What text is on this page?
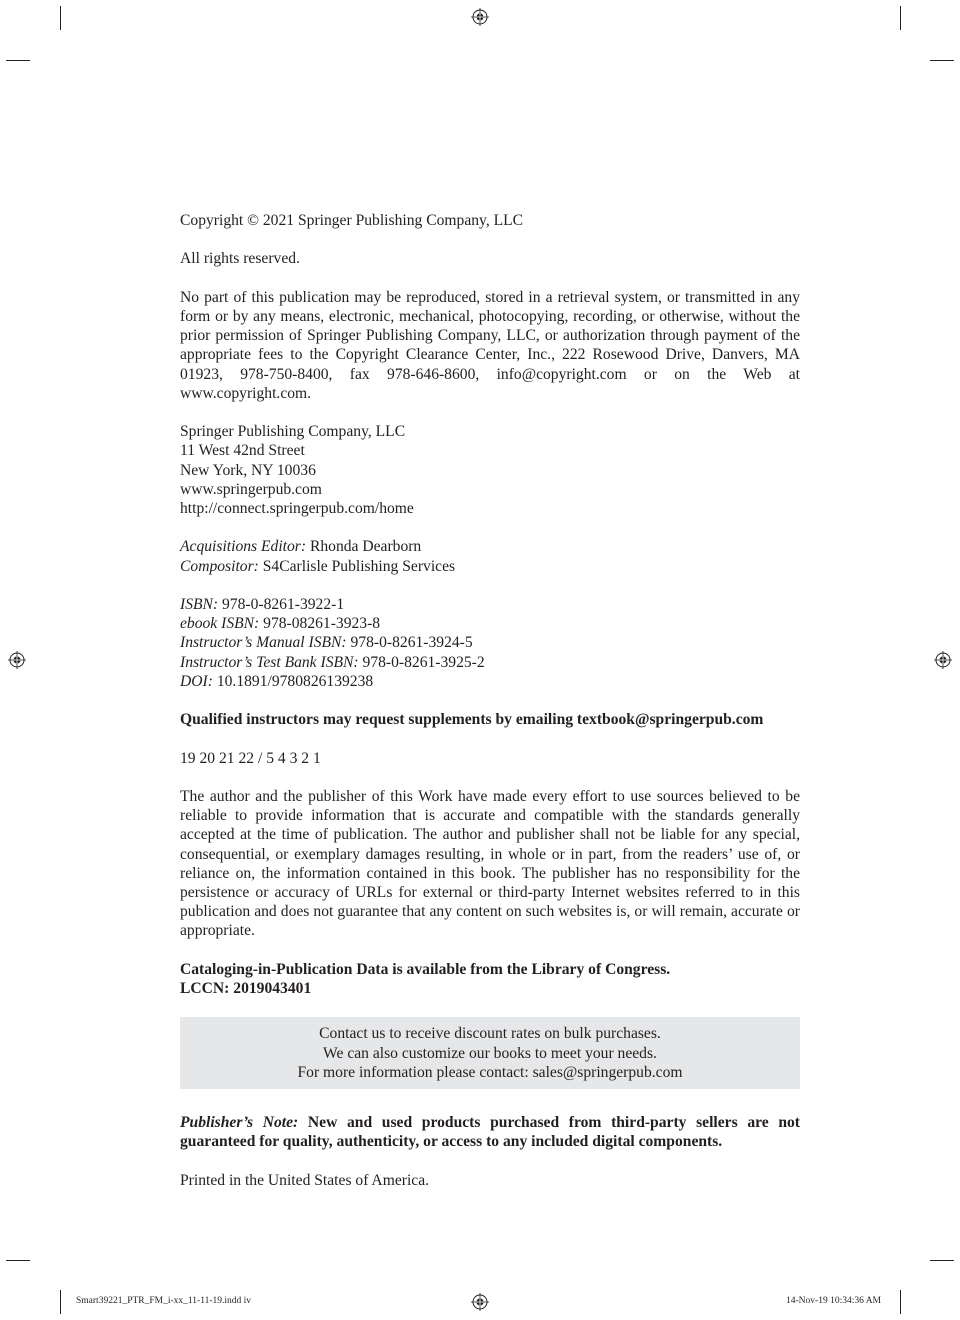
Copyright © 2021 Springer Publishing Company, LLC

All rights reserved.

No part of this publication may be reproduced, stored in a retrieval system, or transmitted in any form or by any means, electronic, mechanical, photocopying, recording, or otherwise, without the prior permission of Springer Publishing Company, LLC, or authorization through payment of the appropriate fees to the Copyright Clearance Center, Inc., 222 Rosewood Drive, Danvers, MA 01923, 978-750-8400, fax 978-646-8600, info@copyright.com or on the Web at www.copyright.com.

Springer Publishing Company, LLC
11 West 42nd Street
New York, NY 10036
www.springerpub.com
http://connect.springerpub.com/home

Acquisitions Editor: Rhonda Dearborn
Compositor: S4Carlisle Publishing Services

ISBN: 978-0-8261-3922-1
ebook ISBN: 978-08261-3923-8
Instructor’s Manual ISBN: 978-0-8261-3924-5
Instructor’s Test Bank ISBN: 978-0-8261-3925-2
DOI: 10.1891/9780826139238

Qualified instructors may request supplements by emailing textbook@springerpub.com

19 20 21 22 / 5 4 3 2 1

The author and the publisher of this Work have made every effort to use sources believed to be reliable to provide information that is accurate and compatible with the standards generally accepted at the time of publication. The author and publisher shall not be liable for any special, consequential, or exemplary damages resulting, in whole or in part, from the readers’ use of, or reliance on, the information contained in this book. The publisher has no responsibility for the persistence or accuracy of URLs for external or third-party Internet websites referred to in this publication and does not guarantee that any content on such websites is, or will remain, accurate or appropriate.

Cataloging-in-Publication Data is available from the Library of Congress.
LCCN: 2019043401

Contact us to receive discount rates on bulk purchases.
We can also customize our books to meet your needs.
For more information please contact: sales@springerpub.com

Publisher’s Note: New and used products purchased from third-party sellers are not guaranteed for quality, authenticity, or access to any included digital components.

Printed in the United States of America.

Smart39221_PTR_FM_i-xx_11-11-19.indd iv	14-Nov-19 10:34:36 AM
